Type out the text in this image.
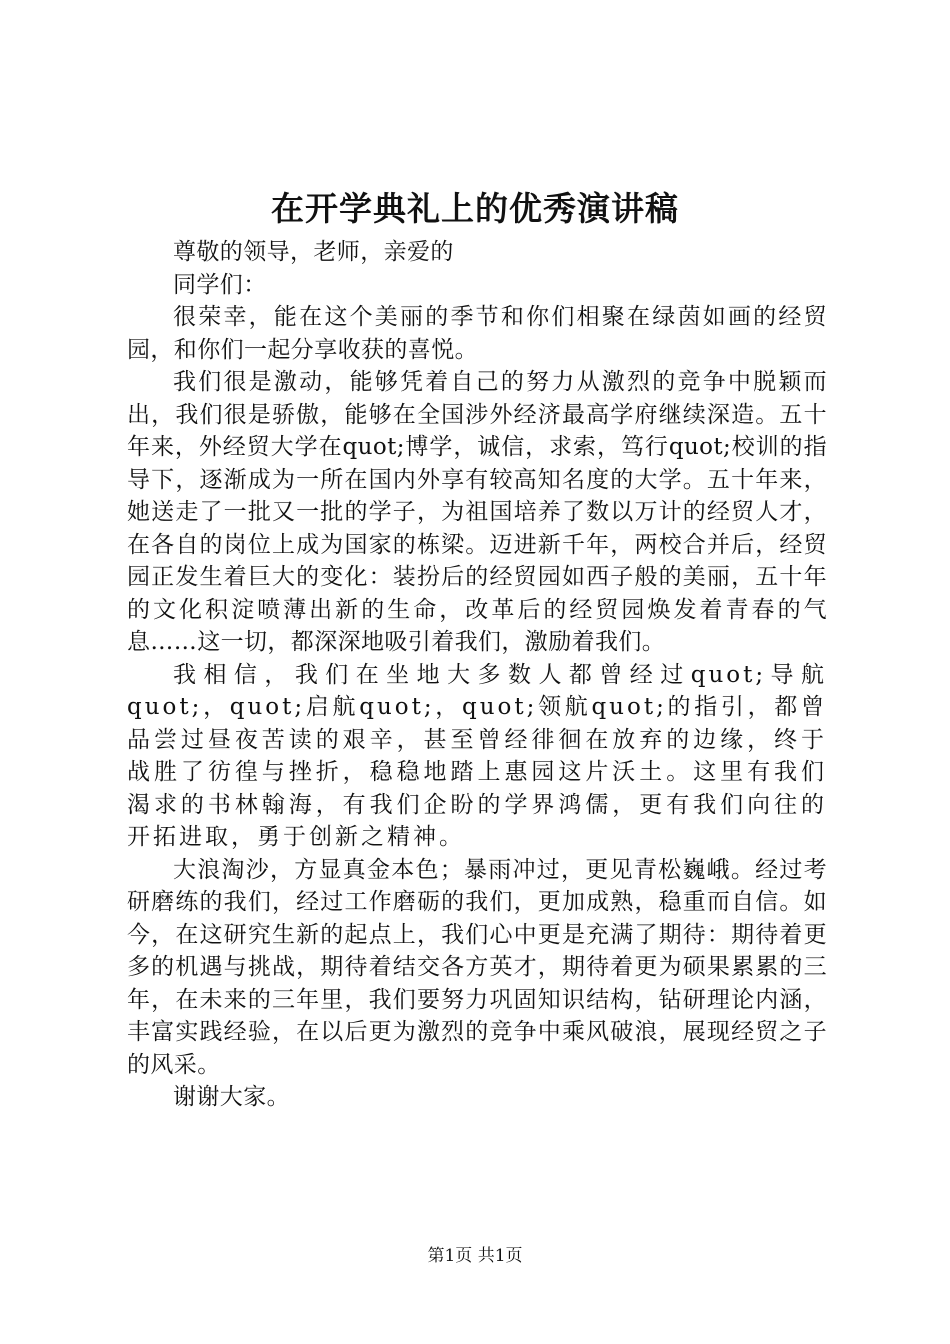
在开学典礼上的优秀演讲稿

尊敬的领导，老师，亲爱的

同学们：

很荣幸，能在这个美丽的季节和你们相聚在绿茵如画的经贸园，和你们一起分享收获的喜悦。

我们很是激动，能够凭着自己的努力从激烈的竞争中脱颖而出，我们很是骄傲，能够在全国涉外经济最高学府继续深造。五十年来，外经贸大学在quot;博学，诚信，求索，笃行quot;校训的指导下，逐渐成为一所在国内外享有较高知名度的大学。五十年来，她送走了一批又一批的学子，为祖国培养了数以万计的经贸人才，在各自的岗位上成为国家的栋梁。迈进新千年，两校合并后，经贸园正发生着巨大的变化：装扮后的经贸园如西子般的美丽，五十年的文化积淀喷薄出新的生命，改革后的经贸园焕发着青春的气息……这一切，都深深地吸引着我们，激励着我们。

我相信，我们在坐地大多数人都曾经过quot;导航quot;，quot;启航quot;，quot;领航quot;的指引，都曾品尝过昼夜苦读的艰辛，甚至曾经徘徊在放弃的边缘，终于战胜了彷徨与挫折，稳稳地踏上惠园这片沃土。这里有我们渴求的书林翰海，有我们企盼的学界鸿儒，更有我们向往的开拓进取，勇于创新之精神。

大浪淘沙，方显真金本色；暴雨冲过，更见青松巍峨。经过考研磨练的我们，经过工作磨砺的我们，更加成熟，稳重而自信。如今，在这研究生新的起点上，我们心中更是充满了期待：期待着更多的机遇与挑战，期待着结交各方英才，期待着更为硕果累累的三年，在未来的三年里，我们要努力巩固知识结构，钻研理论内涵，丰富实践经验，在以后更为激烈的竞争中乘风破浪，展现经贸之子的风采。

谢谢大家。

第1页 共1页
